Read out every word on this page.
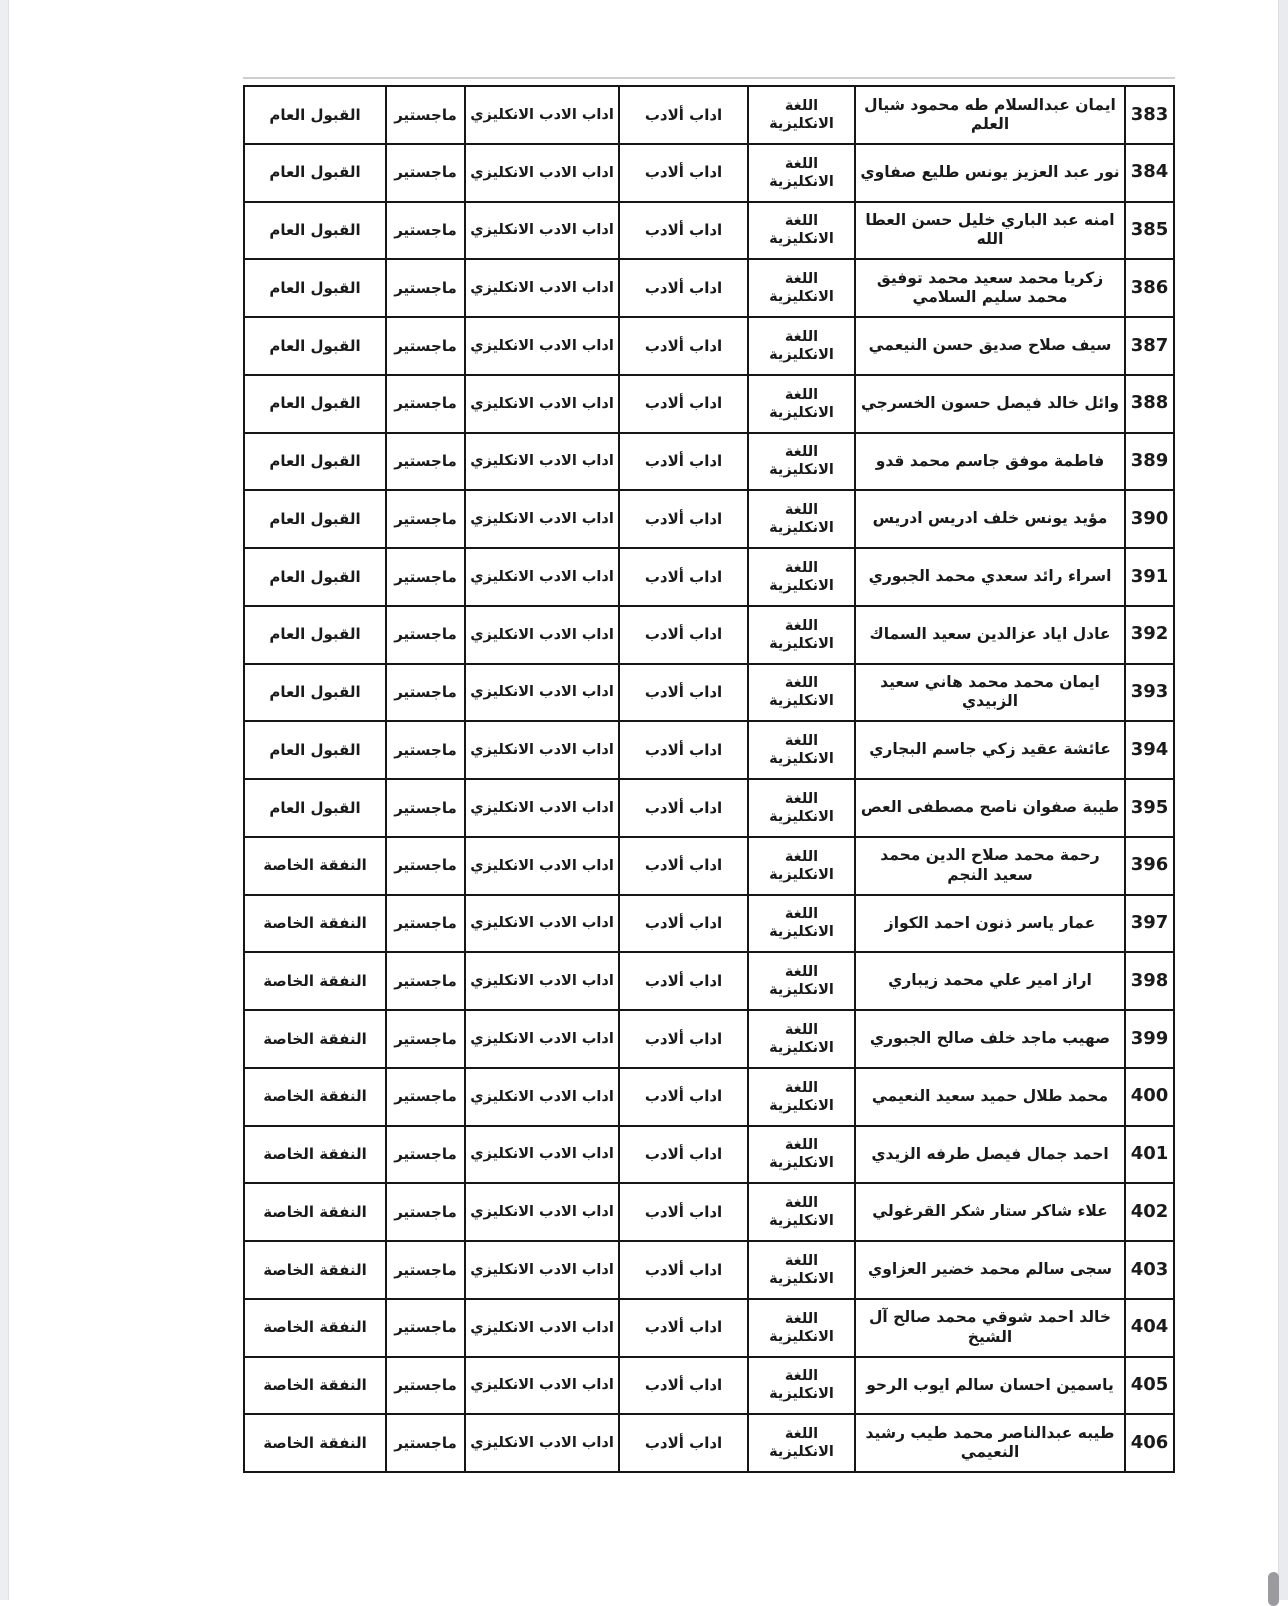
383
ايمان عبدالسلام طه محمود شيال العلم
اللغة الانكليزية
اداب ألادب
اداب الادب الانكليزي
ماجستير
القبول العام
384
نور عبد العزيز يونس طليع صفاوي
اللغة الانكليزية
اداب ألادب
اداب الادب الانكليزي
ماجستير
القبول العام
385
امنه عبد الباري خليل حسن العطا الله
اللغة الانكليزية
اداب ألادب
اداب الادب الانكليزي
ماجستير
القبول العام
386
زكريا محمد سعيد محمد توفيق محمد سليم السلامي
اللغة الانكليزية
اداب ألادب
اداب الادب الانكليزي
ماجستير
القبول العام
387
سيف صلاح صديق حسن النيعمي
اللغة الانكليزية
اداب ألادب
اداب الادب الانكليزي
ماجستير
القبول العام
388
وائل خالد فيصل حسون الخسرجي
اللغة الانكليزية
اداب ألادب
اداب الادب الانكليزي
ماجستير
القبول العام
389
فاطمة موفق جاسم محمد قدو
اللغة الانكليزية
اداب ألادب
اداب الادب الانكليزي
ماجستير
القبول العام
390
مؤيد يونس خلف ادريس ادريس
اللغة الانكليزية
اداب ألادب
اداب الادب الانكليزي
ماجستير
القبول العام
391
اسراء رائد سعدي محمد الجبوري
اللغة الانكليزية
اداب ألادب
اداب الادب الانكليزي
ماجستير
القبول العام
392
عادل اياد عزالدين سعيد السماك
اللغة الانكليزية
اداب ألادب
اداب الادب الانكليزي
ماجستير
القبول العام
393
ايمان محمد محمد هاني سعيد الزبيدي
اللغة الانكليزية
اداب ألادب
اداب الادب الانكليزي
ماجستير
القبول العام
394
عائشة عقيد زكي جاسم البجاري
اللغة الانكليزية
اداب ألادب
اداب الادب الانكليزي
ماجستير
القبول العام
395
طيبة صفوان ناصح مصطفى العص
اللغة الانكليزية
اداب ألادب
اداب الادب الانكليزي
ماجستير
القبول العام
396
رحمة محمد صلاح الدين محمد سعيد النجم
اللغة الانكليزية
اداب ألادب
اداب الادب الانكليزي
ماجستير
النفقة الخاصة
397
عمار ياسر ذنون احمد الكواز
اللغة الانكليزية
اداب ألادب
اداب الادب الانكليزي
ماجستير
النفقة الخاصة
398
اراز امير علي محمد زيباري
اللغة الانكليزية
اداب ألادب
اداب الادب الانكليزي
ماجستير
النفقة الخاصة
399
صهيب ماجد خلف صالح الجبوري
اللغة الانكليزية
اداب ألادب
اداب الادب الانكليزي
ماجستير
النفقة الخاصة
400
محمد طلال حميد سعيد النعيمي
اللغة الانكليزية
اداب ألادب
اداب الادب الانكليزي
ماجستير
النفقة الخاصة
401
احمد جمال فيصل طرفه الزيدي
اللغة الانكليزية
اداب ألادب
اداب الادب الانكليزي
ماجستير
النفقة الخاصة
402
علاء شاكر ستار شكر القرغولي
اللغة الانكليزية
اداب ألادب
اداب الادب الانكليزي
ماجستير
النفقة الخاصة
403
سجى سالم محمد خضير العزاوي
اللغة الانكليزية
اداب ألادب
اداب الادب الانكليزي
ماجستير
النفقة الخاصة
404
خالد احمد شوقي محمد صالح آل الشيخ
اللغة الانكليزية
اداب ألادب
اداب الادب الانكليزي
ماجستير
النفقة الخاصة
405
ياسمين احسان سالم ايوب الرحو
اللغة الانكليزية
اداب ألادب
اداب الادب الانكليزي
ماجستير
النفقة الخاصة
406
طيبه عبدالناصر محمد طيب رشيد النعيمي
اللغة الانكليزية
اداب ألادب
اداب الادب الانكليزي
ماجستير
النفقة الخاصة
